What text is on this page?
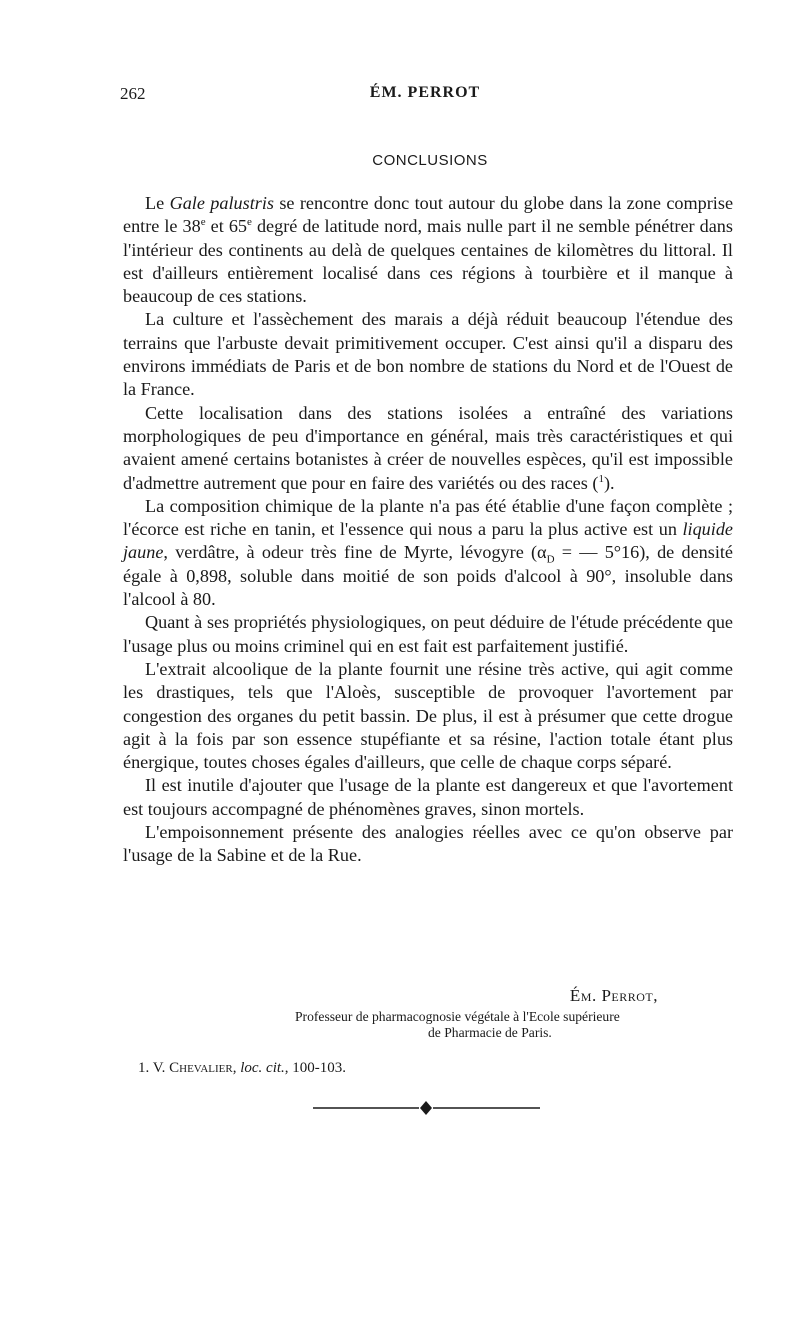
262	ÉM. PERROT
CONCLUSIONS

Le Gale palustris se rencontre donc tout autour du globe dans la zone comprise entre le 38e et 65e degré de latitude nord, mais nulle part il ne semble pénétrer dans l'intérieur des continents au delà de quelques centaines de kilomètres du littoral. Il est d'ailleurs entièrement localisé dans ces régions à tourbière et il manque à beaucoup de ces stations.

La culture et l'assèchement des marais a déjà réduit beaucoup l'étendue des terrains que l'arbuste devait primitivement occuper. C'est ainsi qu'il a disparu des environs immédiats de Paris et de bon nombre de stations du Nord et de l'Ouest de la France.

Cette localisation dans des stations isolées a entraîné des variations morphologiques de peu d'importance en général, mais très caractéristiques et qui avaient amené certains botanistes à créer de nouvelles espèces, qu'il est impossible d'admettre autrement que pour en faire des variétés ou des races ($^1$).

La composition chimique de la plante n'a pas été établie d'une façon complète ; l'écorce est riche en tanin, et l'essence qui nous a paru la plus active est un liquide jaune, verdâtre, à odeur très fine de Myrte, lévogyre ($\alpha_D$ = — 5°16), de densité égale à 0,898, soluble dans moitié de son poids d'alcool à 90°, insoluble dans l'alcool à 80.

Quant à ses propriétés physiologiques, on peut déduire de l'étude précédente que l'usage plus ou moins criminel qui en est fait est parfaitement justifié.

L'extrait alcoolique de la plante fournit une résine très active, qui agit comme les drastiques, tels que l'Aloès, susceptible de provoquer l'avortement par congestion des organes du petit bassin. De plus, il est à présumer que cette drogue agit à la fois par son essence stupéfiante et sa résine, l'action totale étant plus énergique, toutes choses égales d'ailleurs, que celle de chaque corps séparé.

Il est inutile d'ajouter que l'usage de la plante est dangereux et que l'avortement est toujours accompagné de phénomènes graves, sinon mortels.

L'empoisonnement présente des analogies réelles avec ce qu'on observe par l'usage de la Sabine et de la Rue.

Ém. Perrot,
Professeur de pharmacognosie végétale à l'Ecole supérieure
de Pharmacie de Paris.
1. V. Chevalier, loc. cit., 100-103.
